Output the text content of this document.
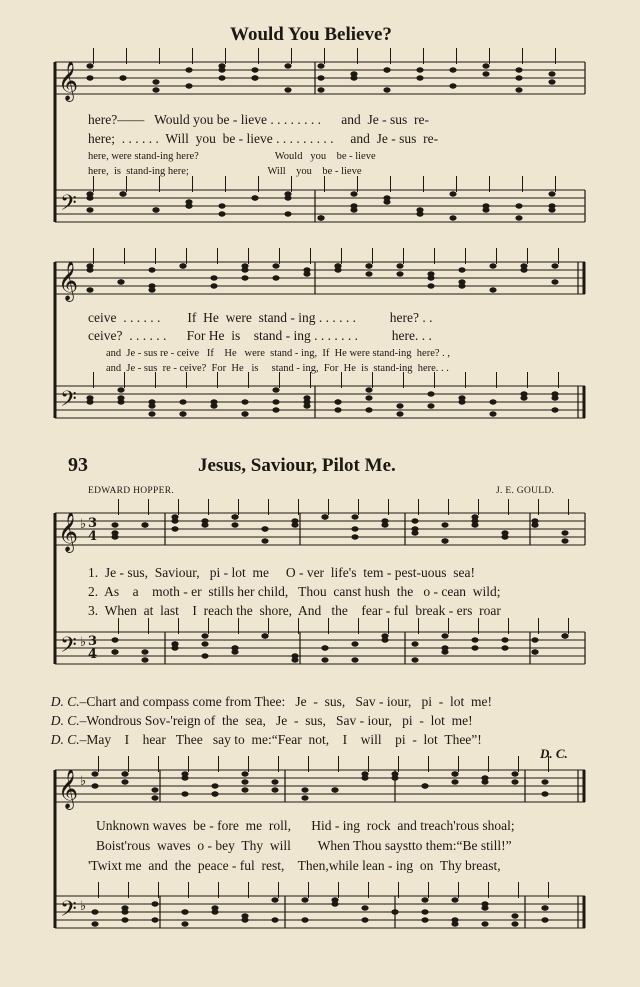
Would You Believe?
𝄞
𝄢
𝄞
𝄢
𝄞
𝄢
♭
♭
3
4
3
4
𝄞
𝄢
♭
♭
here?——   Would you be - lieve . . . . . . . .      and  Je - sus  re-
here;  . . . . . .  Will  you  be - lieve . . . . . . . . .     and  Je - sus  re-
here, were stand-ing here?                             Would   you    be - lieve
here,  is  stand-ing here;                              Will    you    be - lieve
ceive  . . . . . .        If  He  were  stand - ing . . . . . .          here? . .
ceive?  . . . . . .      For He  is    stand - ing . . . . . . .          here. . .
and  Je - sus re - ceive   If    He   were  stand - ing,  If  He were stand-ing  here? . ,
and  Je - sus  re - ceive?  For  He   is     stand - ing,  For  He  is  stand-ing  here. . .
93	Jesus, Saviour, Pilot Me.
EDWARD HOPPER.	J. E. GOULD.
1.  Je - sus,  Saviour,   pi - lot  me     O - ver  life's  tem - pest-uous  sea!
2.  As    a    moth - er  stills her child,   Thou  canst hush  the   o - cean  wild;
3.  When  at  last    I  reach the  shore,  And   the    fear - ful  break - ers  roar

D. C.–Chart and compass come from Thee:   Je  -  sus,   Sav - iour,   pi  -  lot  me!

D. C.–Wondrous Sov-'reign of  the  sea,   Je  -  sus,   Sav - iour,   pi  -  lot  me!

D. C.–May    I    hear   Thee   say to  me:“Fear  not,    I    will    pi  -  lot  Thee”!

D. C.
Unknown waves  be - fore  me  roll,      Hid - ing  rock  and treach'rous shoal;
Boist'rous  waves  o - bey  Thy  will        When Thou saystto them:“Be still!”
'Twixt me  and  the  peace - ful  rest,    Then,while lean - ing  on  Thy breast,
